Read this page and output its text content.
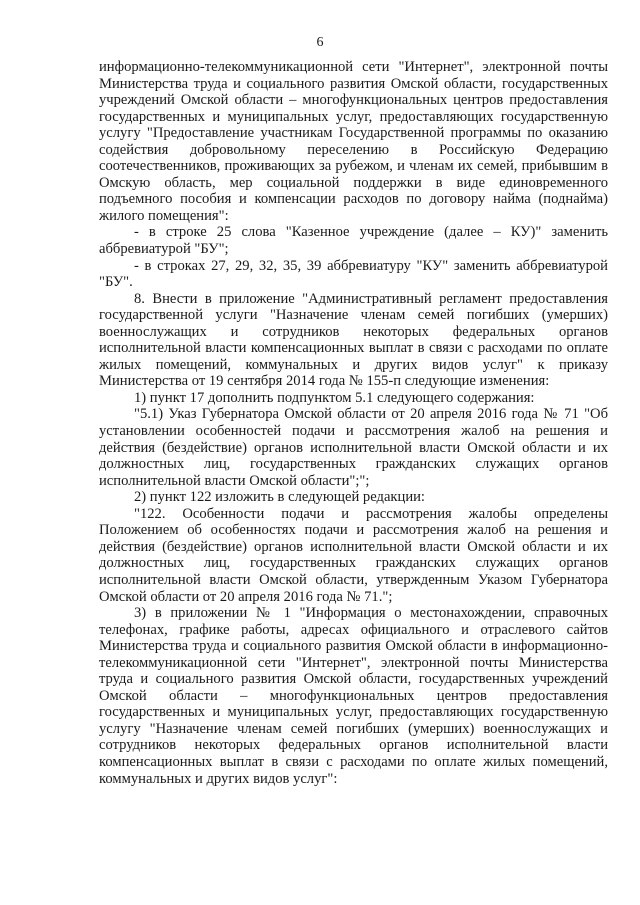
6

информационно-телекоммуникационной сети "Интернет", электронной почты Министерства труда и социального развития Омской области, государственных учреждений Омской области – многофункциональных центров предоставления государственных и муниципальных услуг, предоставляющих государственную услугу "Предоставление участникам Государственной программы по оказанию содействия добровольному переселению в Российскую Федерацию соотечественников, проживающих за рубежом, и членам их семей, прибывшим в Омскую область, мер социальной поддержки в виде единовременного подъемного пособия и компенсации расходов по договору найма (поднайма) жилого помещения":

- в строке 25 слова "Казенное учреждение (далее – КУ)" заменить аббревиатурой "БУ";

- в строках 27, 29, 32, 35, 39 аббревиатуру "КУ" заменить аббревиатурой "БУ".

8. Внести в приложение "Административный регламент предоставления государственной услуги "Назначение членам семей погибших (умерших) военнослужащих и сотрудников некоторых федеральных органов исполнительной власти компенсационных выплат в связи с расходами по оплате жилых помещений, коммунальных и других видов услуг" к приказу Министерства от 19 сентября 2014 года № 155-п следующие изменения:

1) пункт 17 дополнить подпунктом 5.1 следующего содержания:

"5.1) Указ Губернатора Омской области от 20 апреля 2016 года № 71 "Об установлении особенностей подачи и рассмотрения жалоб на решения и действия (бездействие) органов исполнительной власти Омской области и их должностных лиц, государственных гражданских служащих органов исполнительной власти Омской области";";

2) пункт 122 изложить в следующей редакции:

"122. Особенности подачи и рассмотрения жалобы определены Положением об особенностях подачи и рассмотрения жалоб на решения и действия (бездействие) органов исполнительной власти Омской области и их должностных лиц, государственных гражданских служащих органов исполнительной власти Омской области, утвержденным Указом Губернатора Омской области от 20 апреля 2016 года № 71.";

3) в приложении № 1 "Информация о местонахождении, справочных телефонах, графике работы, адресах официального и отраслевого сайтов Министерства труда и социального развития Омской области в информационно-телекоммуникационной сети "Интернет", электронной почты Министерства труда и социального развития Омской области, государственных учреждений Омской области – многофункциональных центров предоставления государственных и муниципальных услуг, предоставляющих государственную услугу "Назначение членам семей погибших (умерших) военнослужащих и сотрудников некоторых федеральных органов исполнительной власти компенсационных выплат в связи с расходами по оплате жилых помещений, коммунальных и других видов услуг":
